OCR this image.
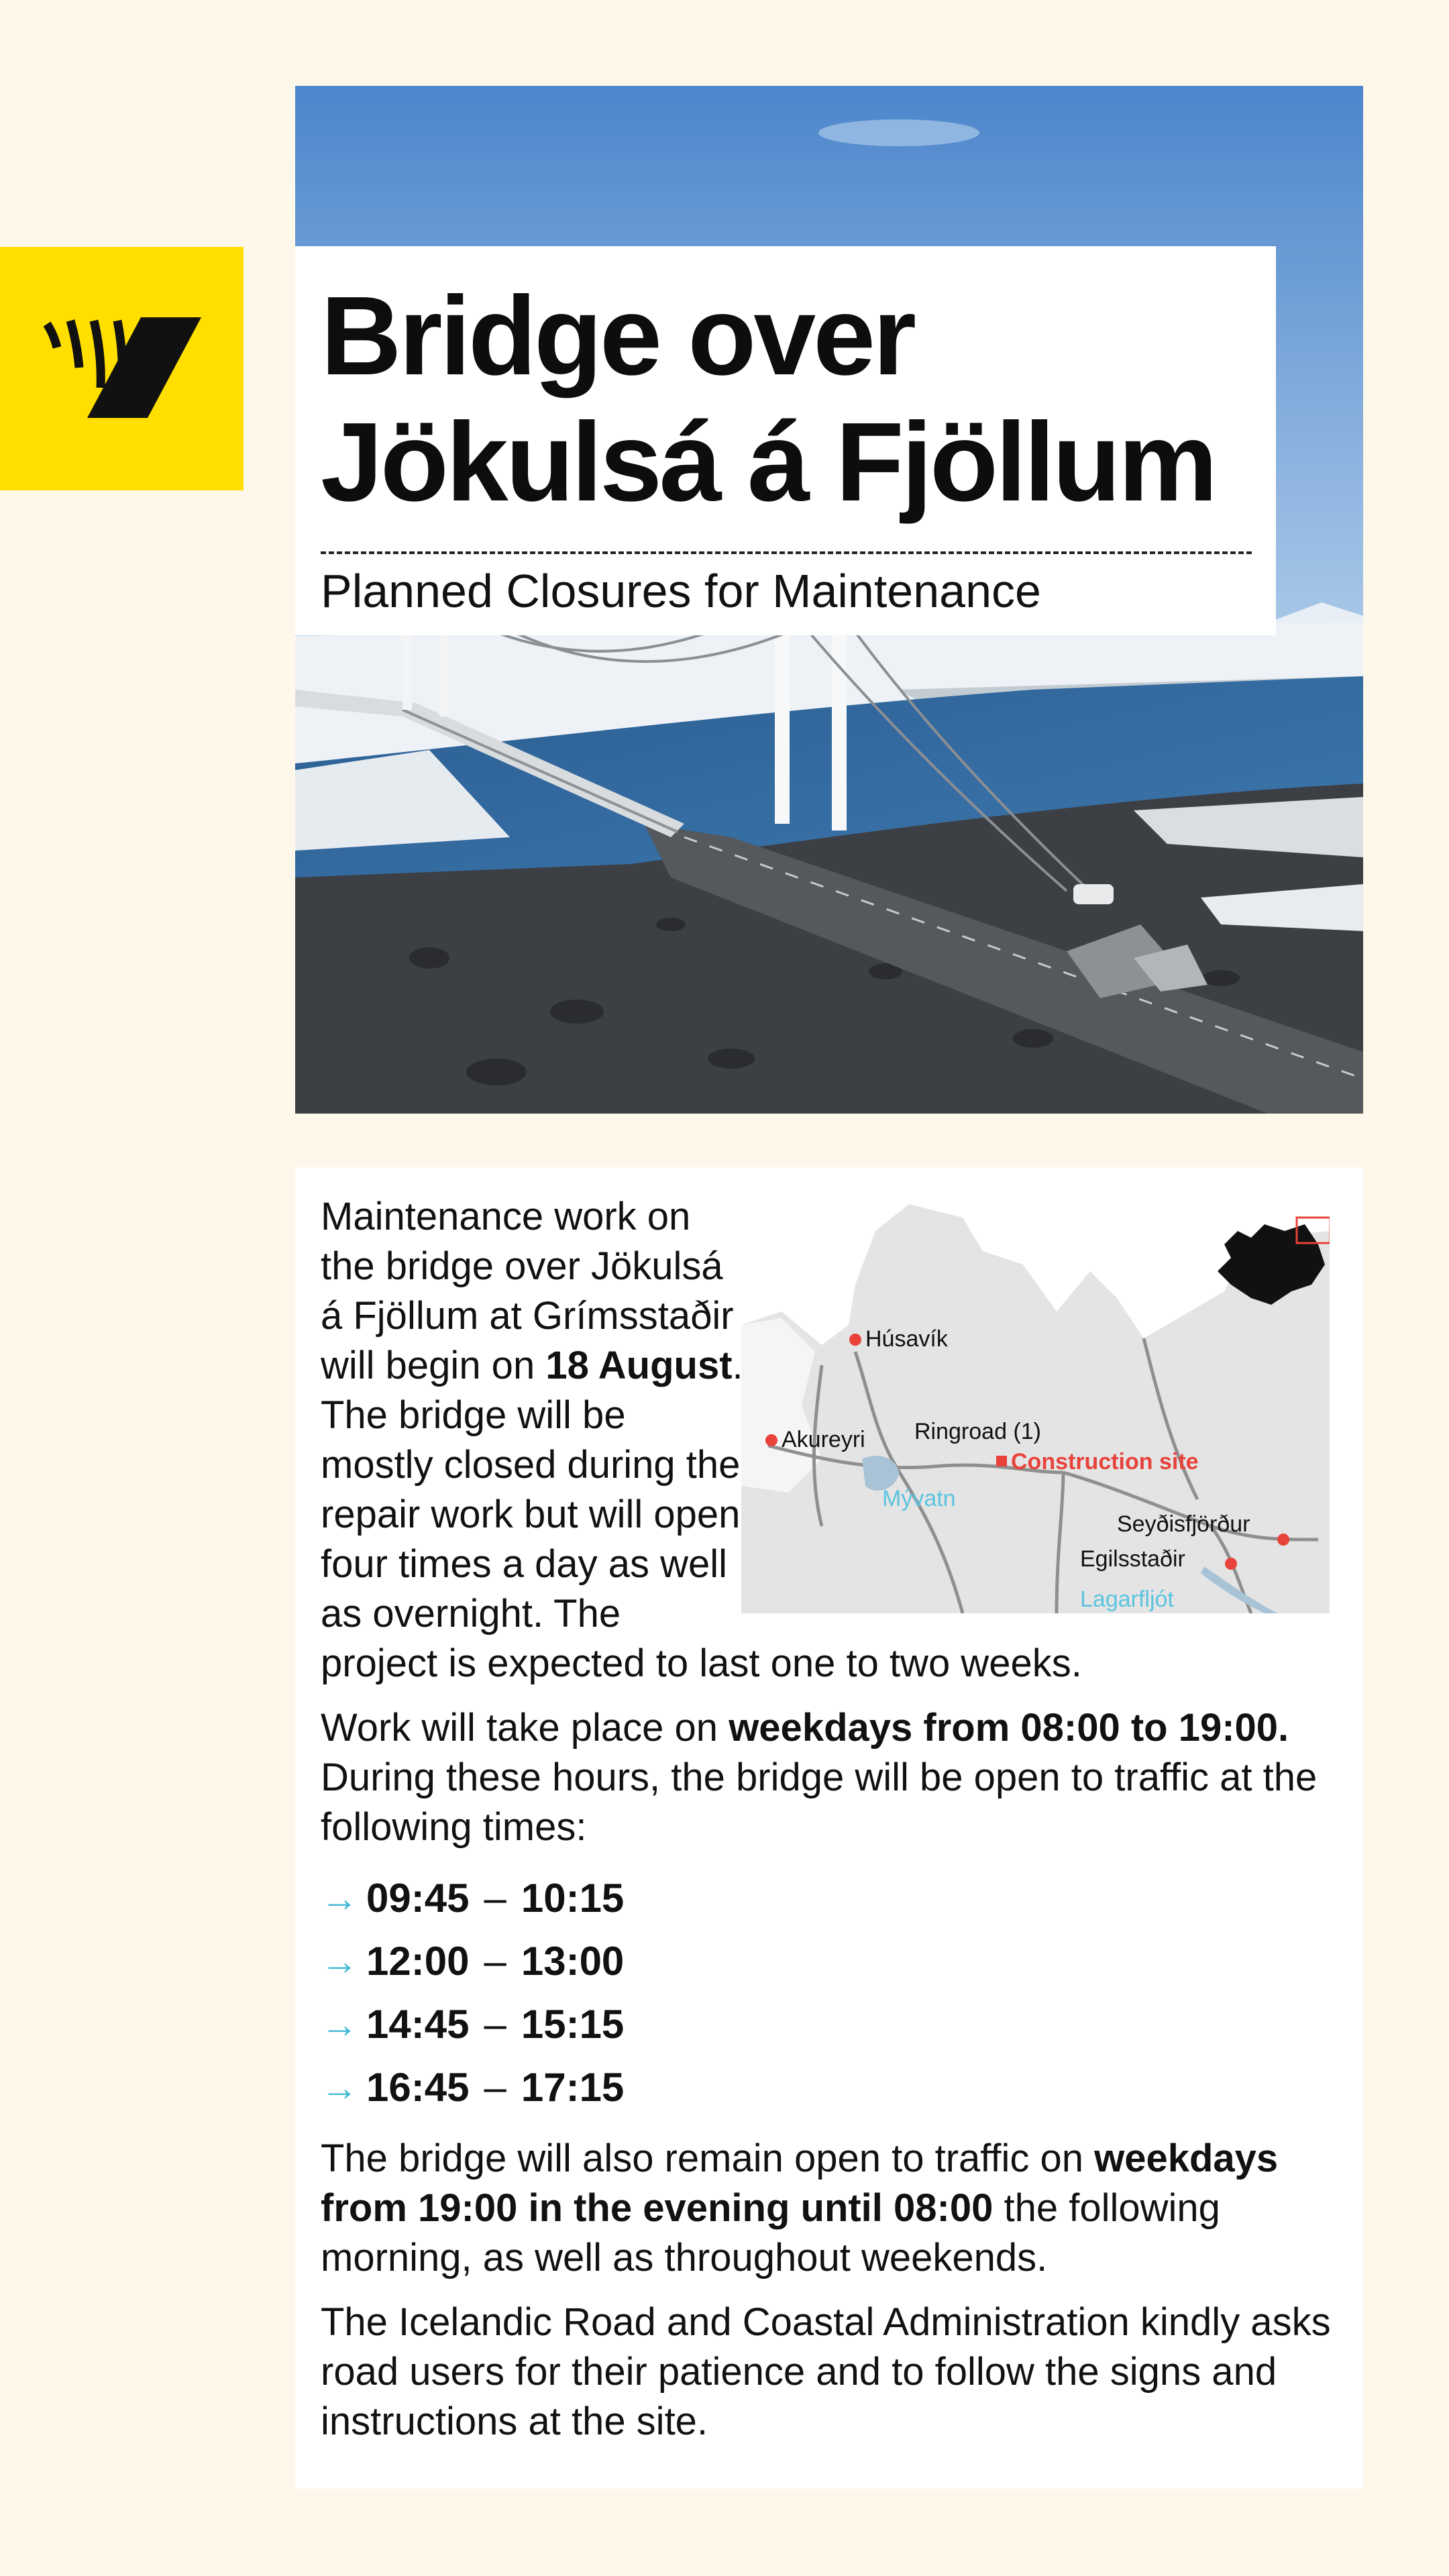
Bridge over Jökulsá á Fjöllum
Planned Closures for Maintenance
Húsavík
Akureyri Ringroad (1)
Seyðisfjörður
Egilsstaðir
Construction site
Mývatn
Lagarfljót

Maintenance work on the bridge over Jökulsá á Fjöllum at Grímsstaðir will begin on 18 August. The bridge will be mostly closed during the repair work but will open four times a day as well as overnight. The project is expected to last one to two weeks.

Work will take place on weekdays from 08:00 to 19:00. During these hours, the bridge will be open to traffic at the following times:

→ 09:45 – 10:15
→ 12:00 – 13:00
→ 14:45 – 15:15
→ 16:45 – 17:15

The bridge will also remain open to traffic on weekdays from 19:00 in the evening until 08:00 the following morning, as well as throughout weekends.

The Icelandic Road and Coastal Administration kindly asks road users for their patience and to follow the signs and instructions at the site.
